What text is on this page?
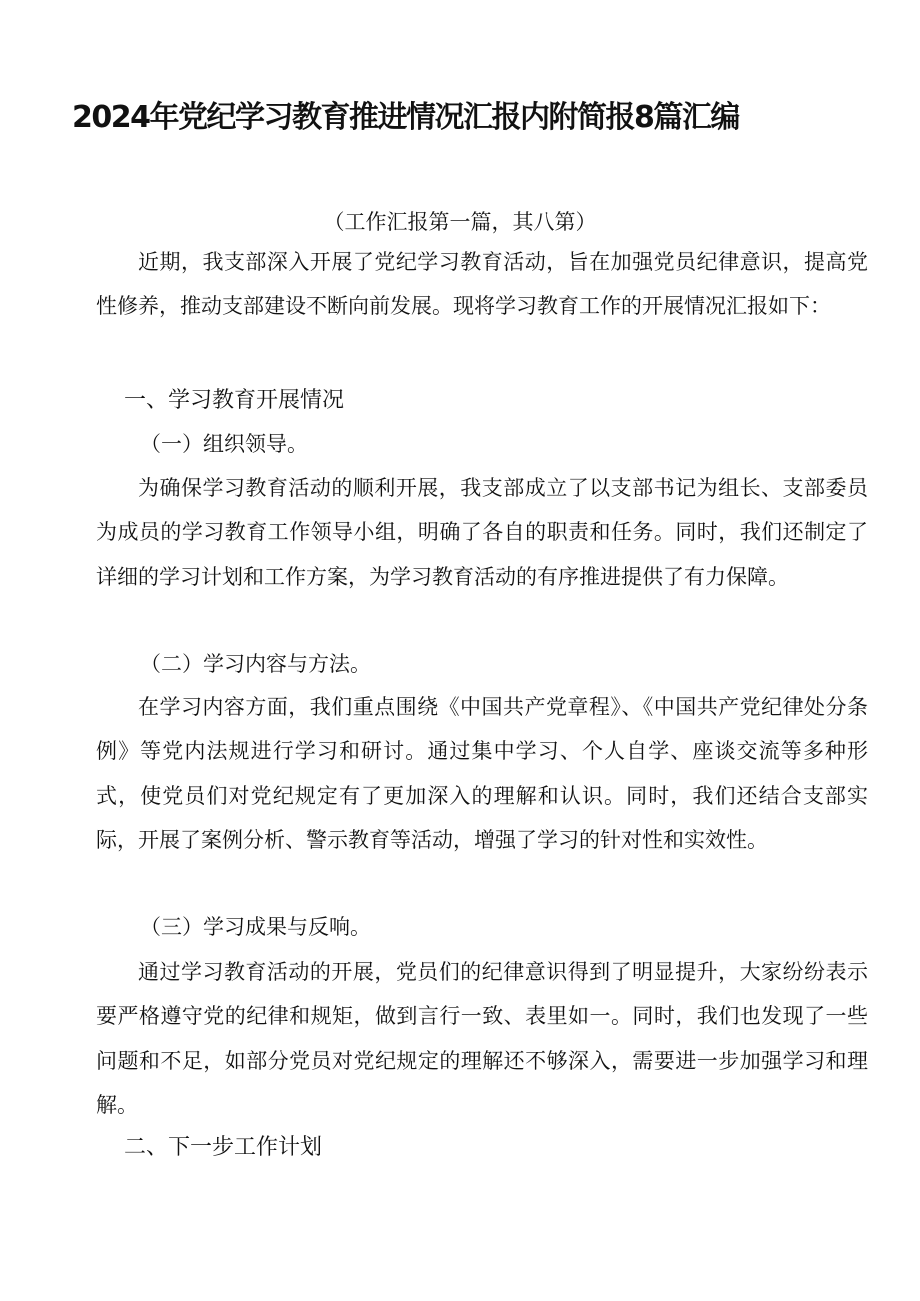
2024年党纪学习教育推进情况汇报内附简报8篇汇编
（工作汇报第一篇，其八第）

近期，我支部深入开展了党纪学习教育活动，旨在加强党员纪律意识，提高党性修养，推动支部建设不断向前发展。现将学习教育工作的开展情况汇报如下：

一、学习教育开展情况
（一）组织领导。

为确保学习教育活动的顺利开展，我支部成立了以支部书记为组长、支部委员为成员的学习教育工作领导小组，明确了各自的职责和任务。同时，我们还制定了详细的学习计划和工作方案，为学习教育活动的有序推进提供了有力保障。

（二）学习内容与方法。

在学习内容方面，我们重点围绕《中国共产党章程》、《中国共产党纪律处分条例》等党内法规进行学习和研讨。通过集中学习、个人自学、座谈交流等多种形式，使党员们对党纪规定有了更加深入的理解和认识。同时，我们还结合支部实际，开展了案例分析、警示教育等活动，增强了学习的针对性和实效性。

（三）学习成果与反响。

通过学习教育活动的开展，党员们的纪律意识得到了明显提升，大家纷纷表示要严格遵守党的纪律和规矩，做到言行一致、表里如一。同时，我们也发现了一些问题和不足，如部分党员对党纪规定的理解还不够深入，需要进一步加强学习和理解。

二、下一步工作计划
